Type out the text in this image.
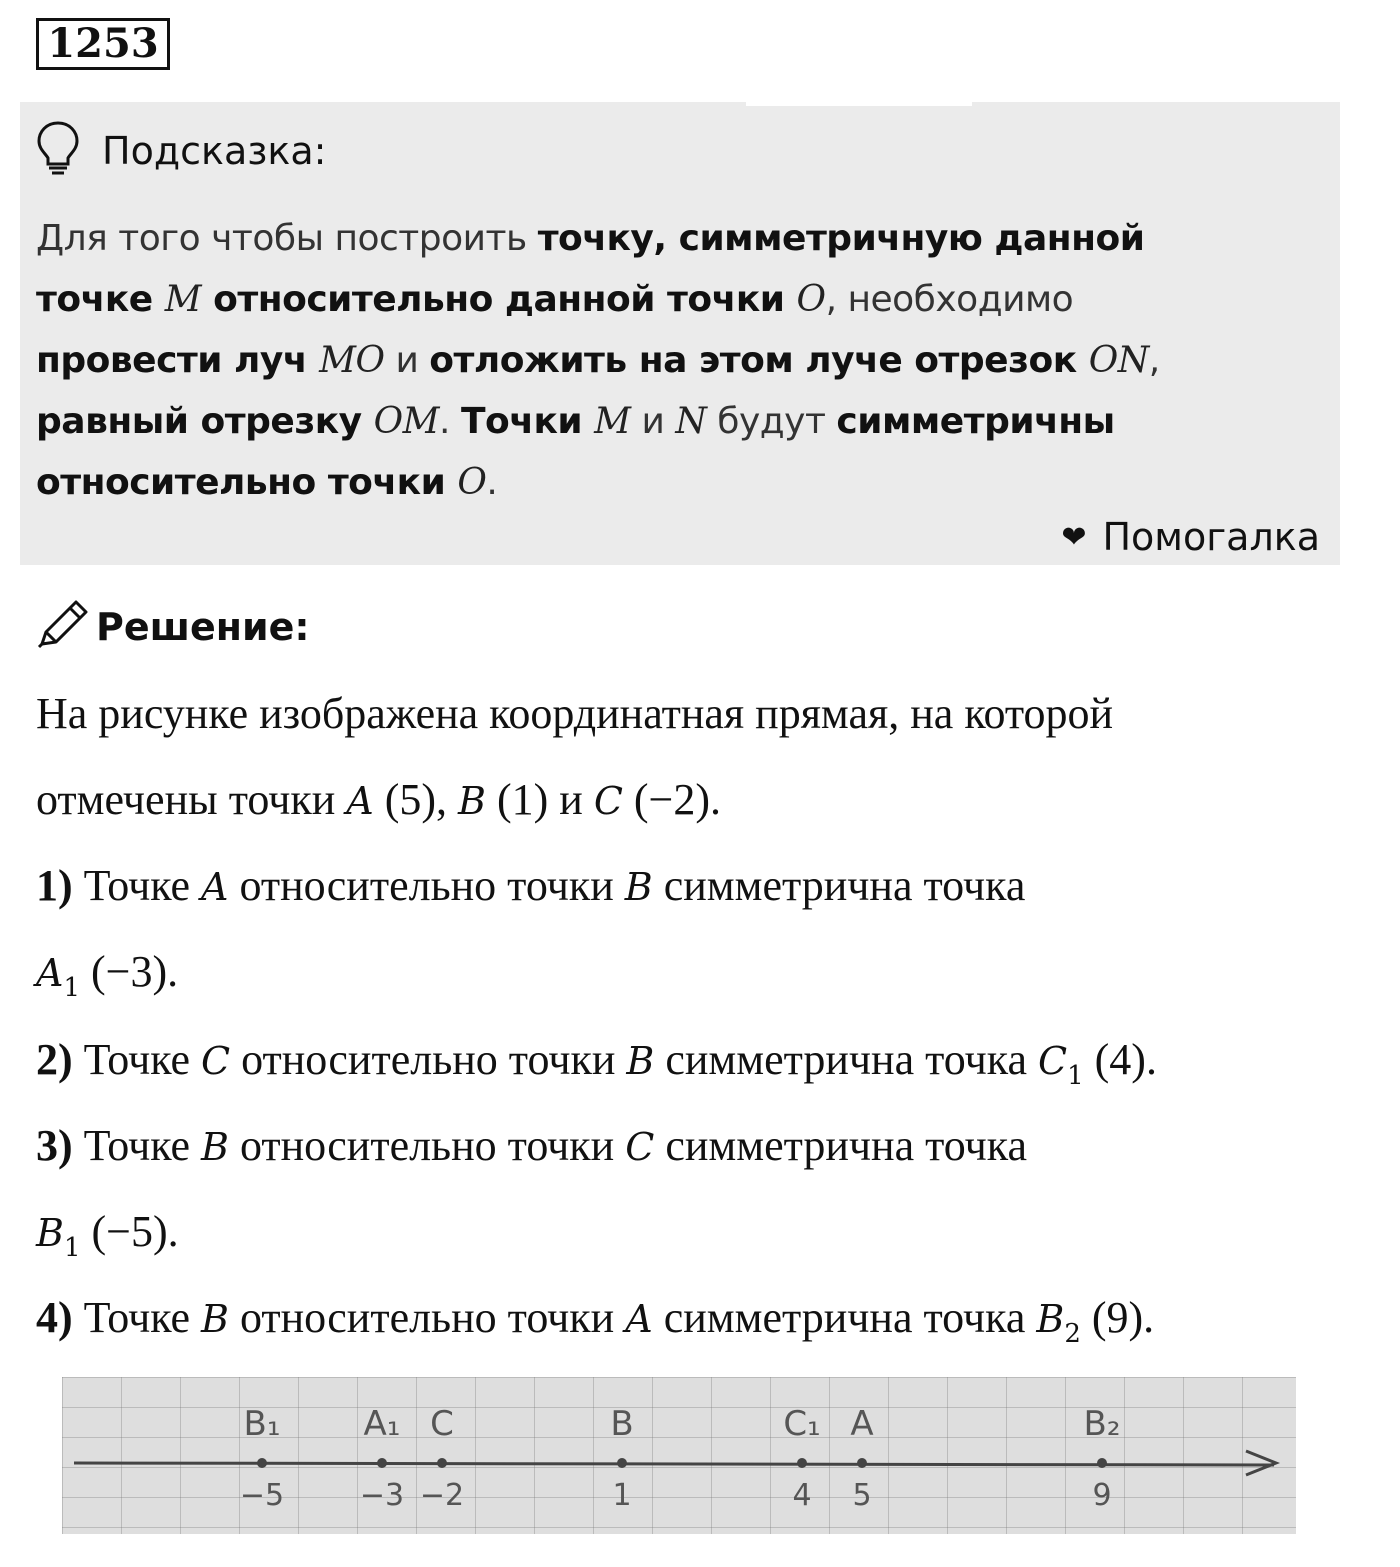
1253
Подсказка:
Для того чтобы построить точку, симметричную данной
точке M относительно данной точки O, необходимо
провести луч MO и отложить на этом луче отрезок ON,
равный отрезку OM. Точки M и N будут симметричны
относительно точки O.
❤ Помогалка
Решение:
На рисунке изображена координатная прямая, на которой
отмечены точки A (5), B (1) и C (−2).
1) Точке A относительно точки B симметрична точка
$A_1$ (−3).
2) Точке C относительно точки B симметрична точка $C_1$ (4).
3) Точке B относительно точки C симметрична точка
$B_1$ (−5).
4) Точке B относительно точки A симметрична точка $B_2$ (9).
B₁
−5
A₁
−3
C
−2
B
1
C₁
4
A
5
B₂
9
